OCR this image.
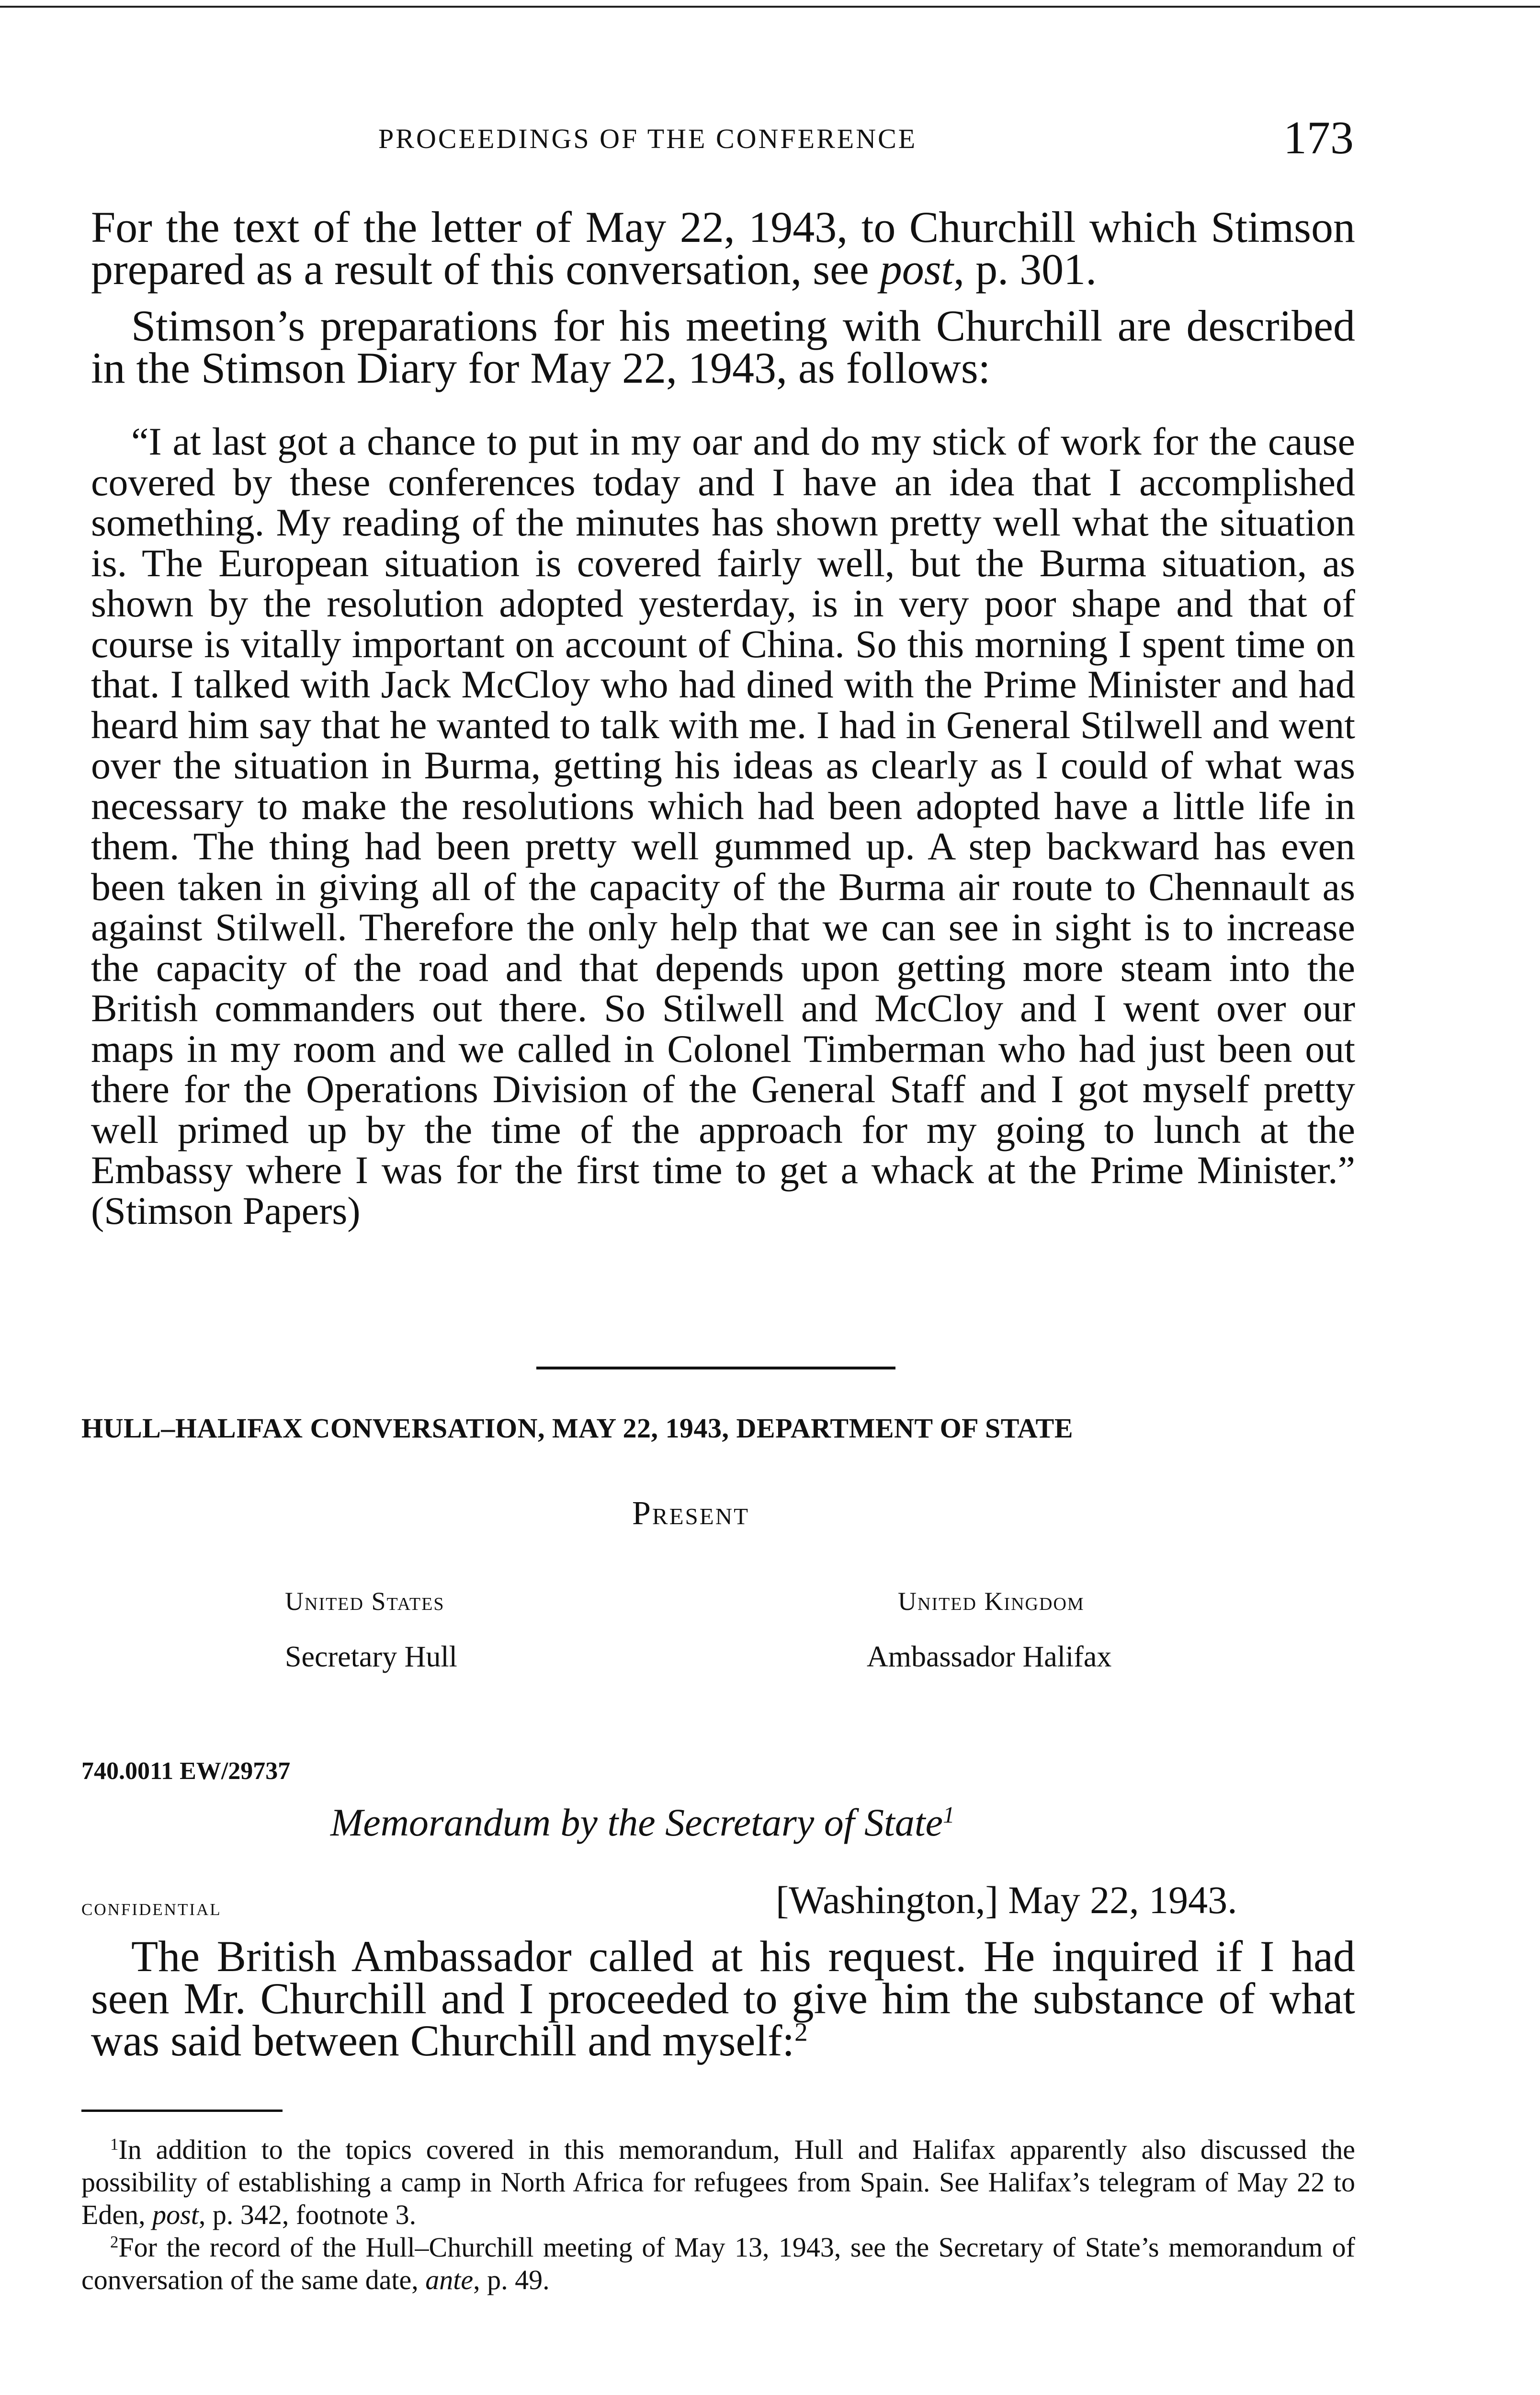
PROCEEDINGS OF THE CONFERENCE	173
For the text of the letter of May 22, 1943, to Churchill which Stimson prepared as a result of this conversation, see post, p. 301.
Stimson’s preparations for his meeting with Churchill are described in the Stimson Diary for May 22, 1943, as follows:
“I at last got a chance to put in my oar and do my stick of work for the cause covered by these conferences today and I have an idea that I accomplished something. My reading of the minutes has shown pretty well what the situation is. The European situation is covered fairly well, but the Burma situation, as shown by the resolution adopted yesterday, is in very poor shape and that of course is vitally important on account of China. So this morning I spent time on that. I talked with Jack McCloy who had dined with the Prime Minister and had heard him say that he wanted to talk with me. I had in General Stilwell and went over the situation in Burma, getting his ideas as clearly as I could of what was necessary to make the resolutions which had been adopted have a little life in them. The thing had been pretty well gummed up. A step backward has even been taken in giving all of the capacity of the Burma air route to Chennault as against Stilwell. Therefore the only help that we can see in sight is to increase the capacity of the road and that depends upon getting more steam into the British commanders out there. So Stilwell and McCloy and I went over our maps in my room and we called in Colonel Timberman who had just been out there for the Operations Division of the General Staff and I got myself pretty well primed up by the time of the approach for my going to lunch at the Embassy where I was for the first time to get a whack at the Prime Minister.” (Stimson Papers)
HULL–HALIFAX CONVERSATION, MAY 22, 1943, DEPARTMENT OF STATE
Present
United States	United Kingdom
Secretary Hull	Ambassador Halifax
740.0011 EW/29737
Memorandum by the Secretary of State$^1$
confidential	[Washington,] May 22, 1943.
The British Ambassador called at his request. He inquired if I had seen Mr. Churchill and I proceeded to give him the substance of what was said between Churchill and myself:$^2$

$^1$In addition to the topics covered in this memorandum, Hull and Halifax apparently also discussed the possibility of establishing a camp in North Africa for refugees from Spain. See Halifax’s telegram of May 22 to Eden, post, p. 342, footnote 3.

$^2$For the record of the Hull–Churchill meeting of May 13, 1943, see the Secretary of State’s memorandum of conversation of the same date, ante, p. 49.
